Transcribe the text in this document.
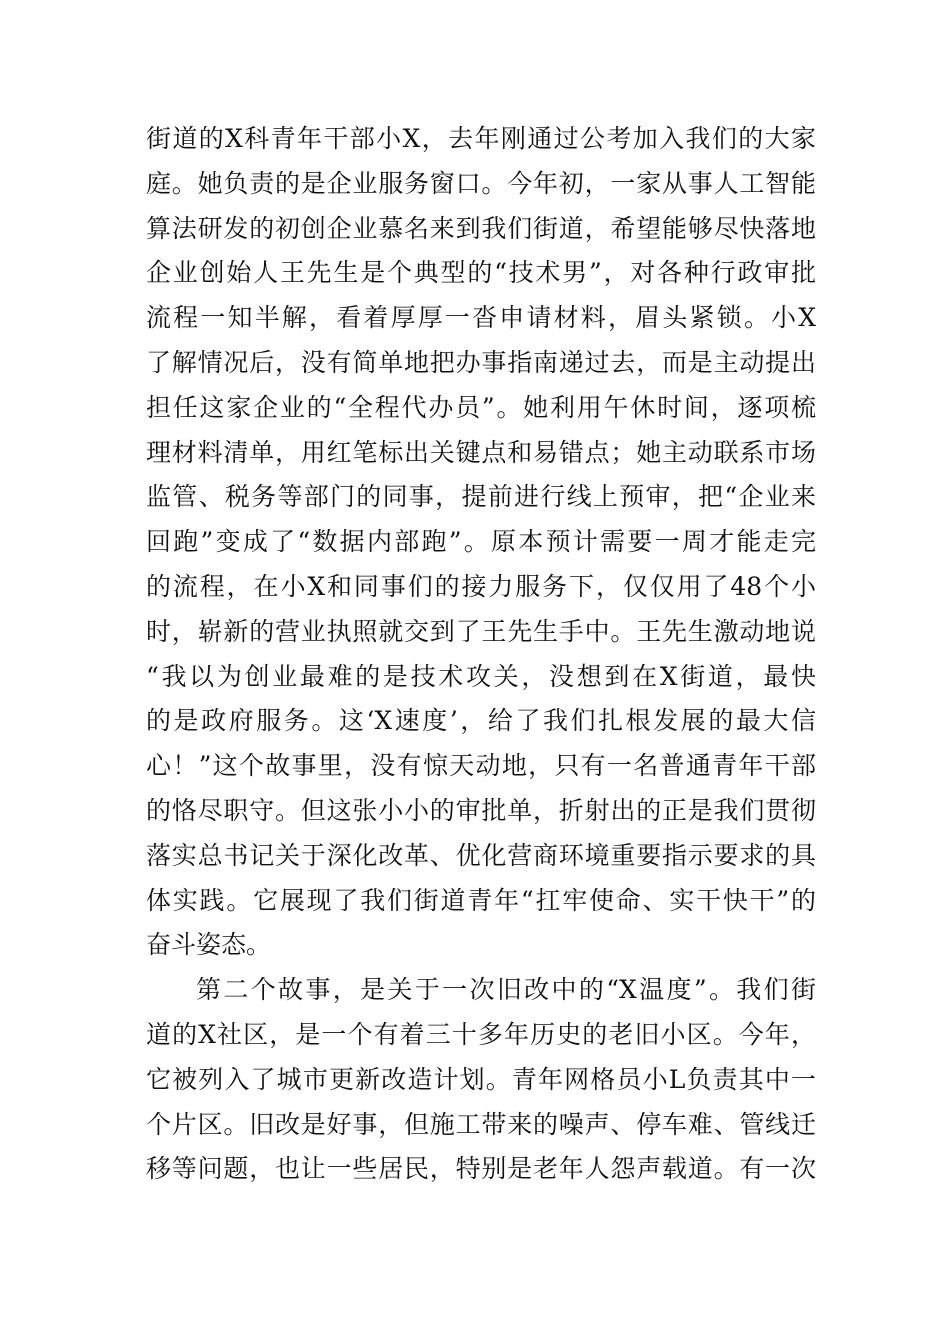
街道的X科青年干部小X，去年刚通过公考加入我们的大家
庭。她负责的是企业服务窗口。今年初，一家从事人工智能
算法研发的初创企业慕名来到我们街道，希望能够尽快落地
企业创始人王先生是个典型的“技术男”，对各种行政审批
流程一知半解，看着厚厚一沓申请材料，眉头紧锁。小X
了解情况后，没有简单地把办事指南递过去，而是主动提出
担任这家企业的“全程代办员”。她利用午休时间，逐项梳
理材料清单，用红笔标出关键点和易错点；她主动联系市场
监管、税务等部门的同事，提前进行线上预审，把“企业来
回跑”变成了“数据内部跑”。原本预计需要一周才能走完
的流程，在小X和同事们的接力服务下，仅仅用了48个小
时，崭新的营业执照就交到了王先生手中。王先生激动地说
“我以为创业最难的是技术攻关，没想到在X街道，最快
的是政府服务。这‘X速度’，给了我们扎根发展的最大信
心！”这个故事里，没有惊天动地，只有一名普通青年干部
的恪尽职守。但这张小小的审批单，折射出的正是我们贯彻
落实总书记关于深化改革、优化营商环境重要指示要求的具
体实践。它展现了我们街道青年“扛牢使命、实干快干”的
奋斗姿态。
第二个故事，是关于一次旧改中的“X温度”。我们街
道的X社区，是一个有着三十多年历史的老旧小区。今年，
它被列入了城市更新改造计划。青年网格员小L负责其中一
个片区。旧改是好事，但施工带来的噪声、停车难、管线迁
移等问题，也让一些居民，特别是老年人怨声载道。有一次
